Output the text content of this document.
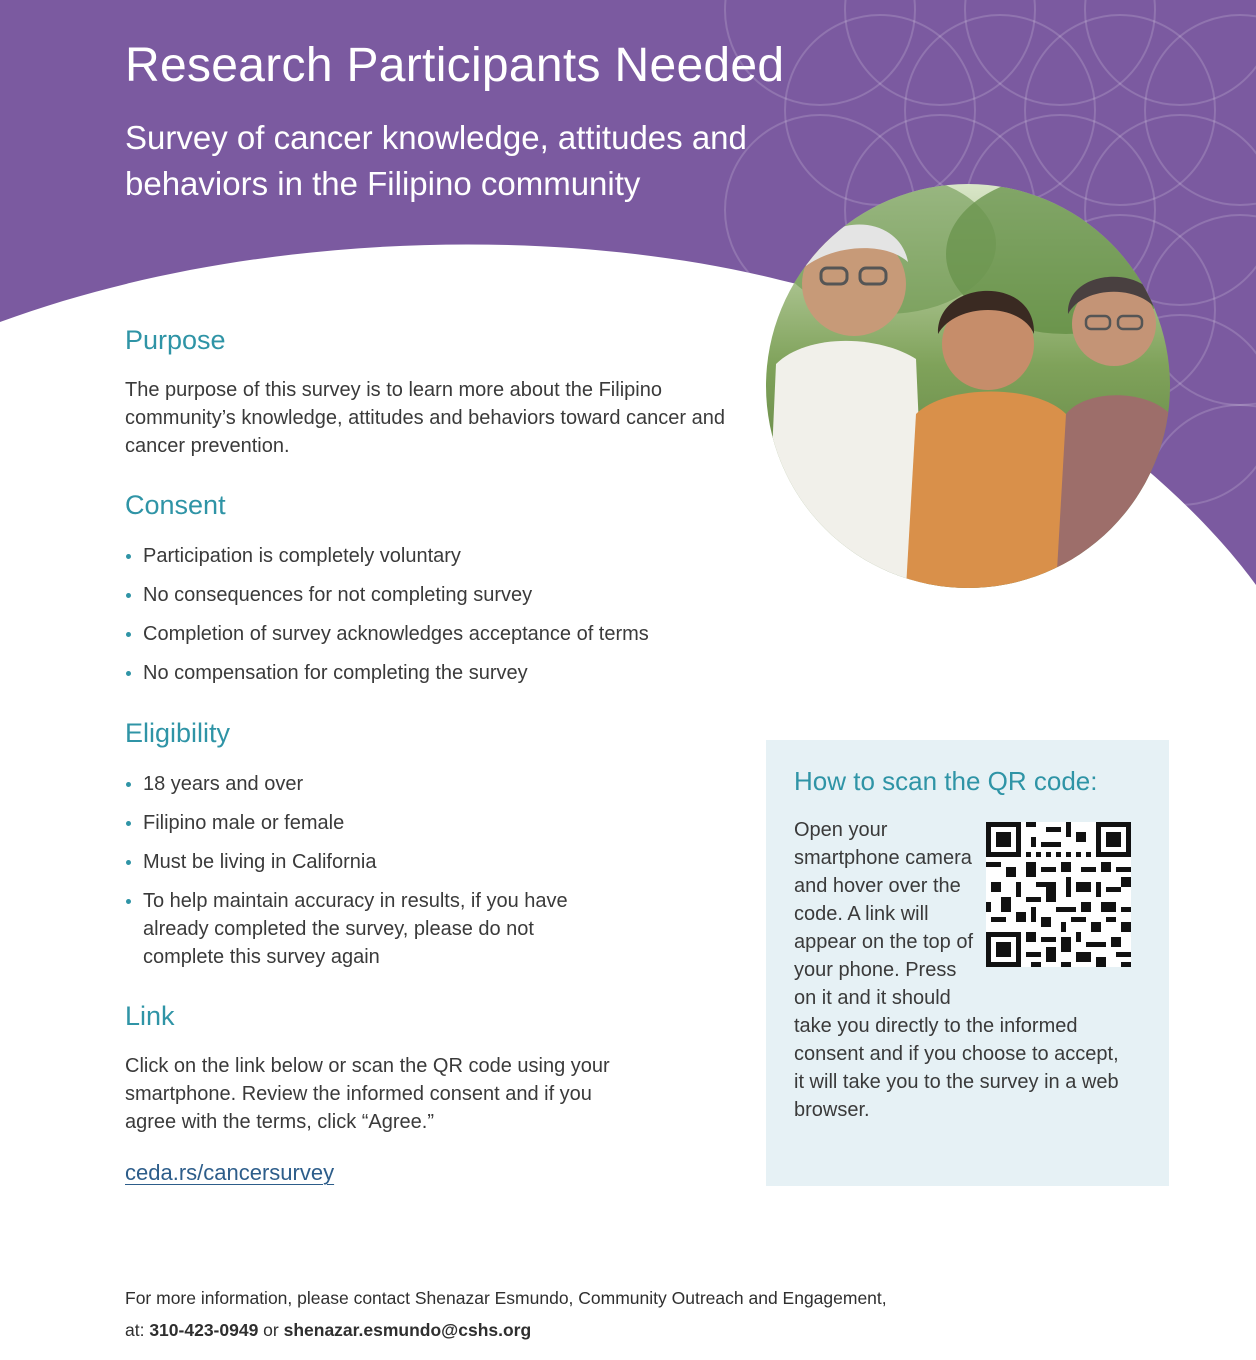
Research Participants Needed

Survey of cancer knowledge, attitudes and behaviors in the Filipino community

Purpose

The purpose of this survey is to learn more about the Filipino community’s knowledge, attitudes and behaviors toward cancer and cancer prevention.

Consent
Participation is completely voluntary
No consequences for not completing survey
Completion of survey acknowledges acceptance of terms
No compensation for completing the survey
Eligibility
18 years and over
Filipino male or female
Must be living in California
To help maintain accuracy in results, if you have already completed the survey, please do not complete this survey again
Link

Click on the link below or scan the QR code using your smartphone. Review the informed consent and if you agree with the terms, click “Agree.”

ceda.rs/cancersurvey
How to scan the QR code:

Open your smartphone camera and hover over the code. A link will appear on the top of your phone. Press on it and it should take you directly to the informed consent and if you choose to accept, it will take you to the survey in a web browser.

For more information, please contact Shenazar Esmundo, Community Outreach and Engagement,
at: 310-423-0949 or shenazar.esmundo@cshs.org
